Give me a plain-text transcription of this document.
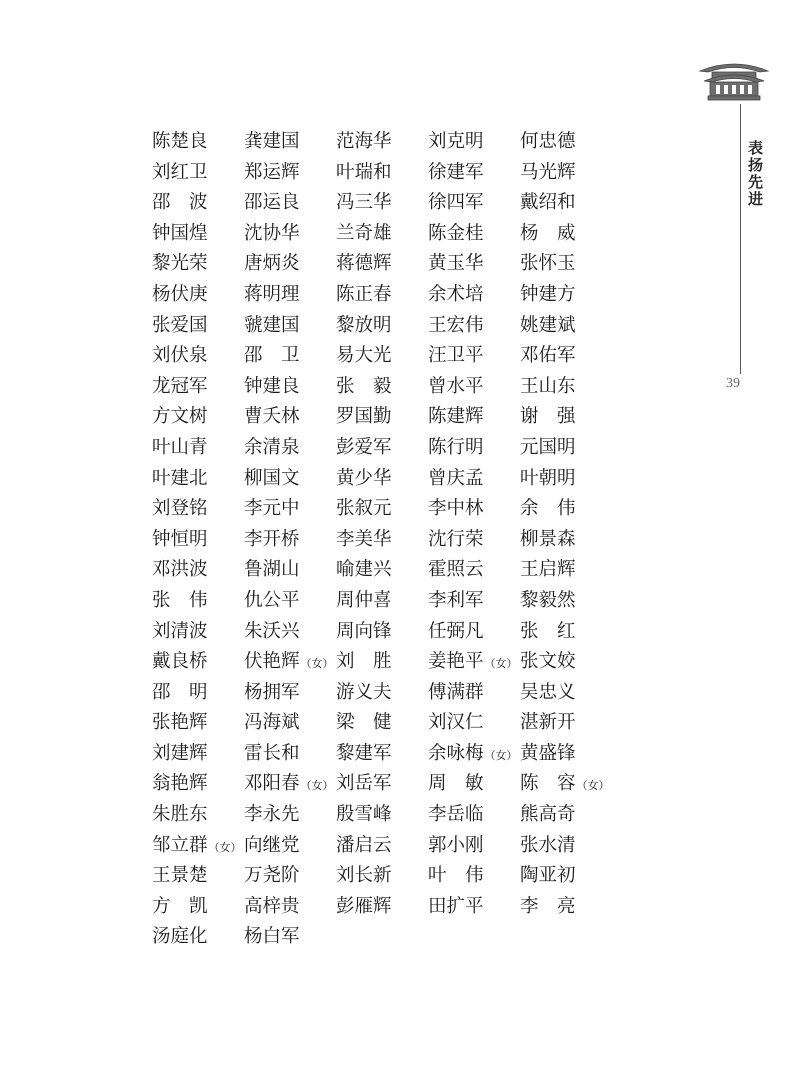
表扬先进
39
陈楚良	龚建国	范海华	刘克明	何忠德
刘红卫	郑运辉	叶瑞和	徐建军	马光辉
邵　波	邵运良	冯三华	徐四军	戴绍和
钟国煌	沈协华	兰奇雄	陈金桂	杨　威
黎光荣	唐炳炎	蒋德辉	黄玉华	张怀玉
杨伏庚	蒋明理	陈正春	余术培	钟建方
张爱国	虢建国	黎放明	王宏伟	姚建斌
刘伏泉	邵　卫	易大光	汪卫平	邓佑军
龙冠军	钟建良	张　毅	曾水平	王山东
方文树	曹夭林	罗国勤	陈建辉	谢　强
叶山青	余清泉	彭爱军	陈行明	元国明
叶建北	柳国文	黄少华	曾庆孟	叶朝明
刘登铭	李元中	张叙元	李中林	余　伟
钟恒明	李开桥	李美华	沈行荣	柳景森
邓洪波	鲁湖山	喻建兴	霍照云	王启辉
张　伟	仇公平	周仲喜	李利军	黎毅然
刘清波	朱沃兴	周向锋	任弼凡	张　红
戴良桥	伏艳辉（女） 刘　胜	姜艳平（女） 张文姣
邵　明	杨拥军	游义夫	傅满群	吴忠义
张艳辉	冯海斌	梁　健	刘汉仁	湛新开
刘建辉	雷长和	黎建军	余咏梅（女） 黄盛锋
翁艳辉	邓阳春（女） 刘岳军	周　敏	陈　容（女）
朱胜东	李永先	殷雪峰	李岳临	熊高奇
邹立群（女） 向继党	潘启云	郭小刚	张水清
王景楚	万尧阶	刘长新	叶　伟	陶亚初
方　凯	高梓贵	彭雁辉	田扩平	李　亮
汤庭化	杨白军
